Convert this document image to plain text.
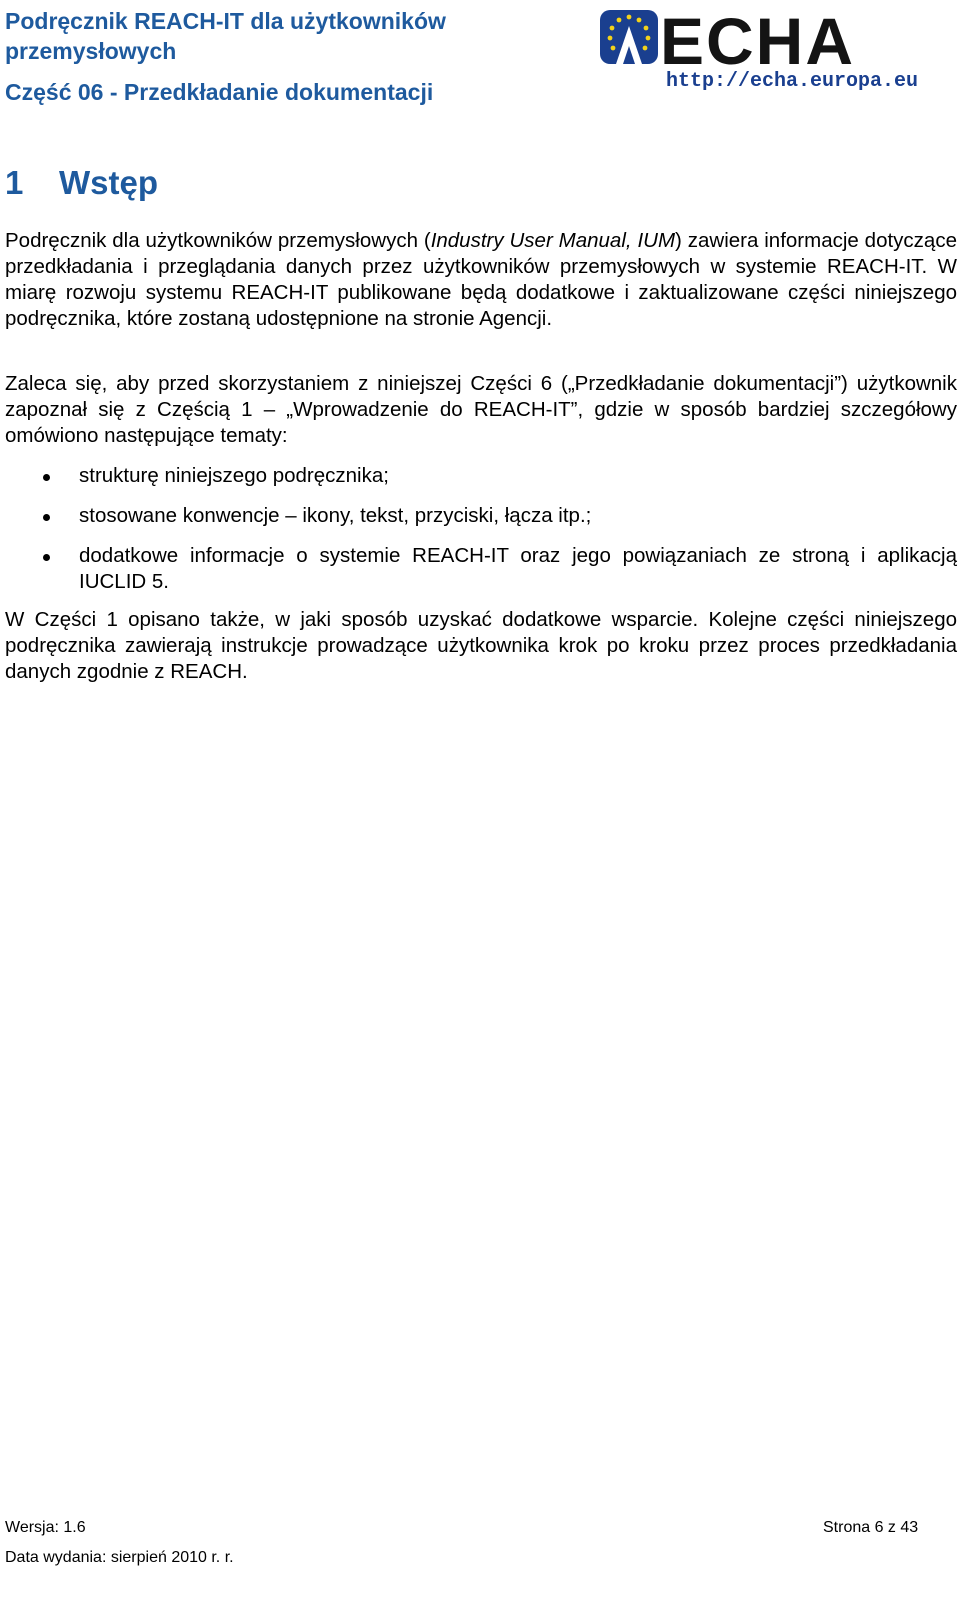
Podręcznik REACH-IT dla użytkowników przemysłowych
Część 06 - Przedkładanie dokumentacji
ECHA
http://echa.europa.eu
1 Wstęp

Podręcznik dla użytkowników przemysłowych (Industry User Manual, IUM) zawiera informacje dotyczące przedkładania i przeglądania danych przez użytkowników przemysłowych w systemie REACH-IT. W miarę rozwoju systemu REACH-IT publikowane będą dodatkowe i zaktualizowane części niniejszego podręcznika, które zostaną udostępnione na stronie Agencji.

Zaleca się, aby przed skorzystaniem z niniejszej Części 6 („Przedkładanie dokumentacji”) użytkownik zapoznał się z Częścią 1 – „Wprowadzenie do REACH-IT”, gdzie w sposób bardziej szczegółowy omówiono następujące tematy:

strukturę niniejszego podręcznika;
stosowane konwencje – ikony, tekst, przyciski, łącza itp.;
dodatkowe informacje o systemie REACH-IT oraz jego powiązaniach ze stroną i aplikacją IUCLID 5.

W Części 1 opisano także, w jaki sposób uzyskać dodatkowe wsparcie. Kolejne części niniejszego podręcznika zawierają instrukcje prowadzące użytkownika krok po kroku przez proces przedkładania danych zgodnie z REACH.

Wersja: 1.6	Strona 6 z 43
Data wydania: sierpień 2010 r. r.
